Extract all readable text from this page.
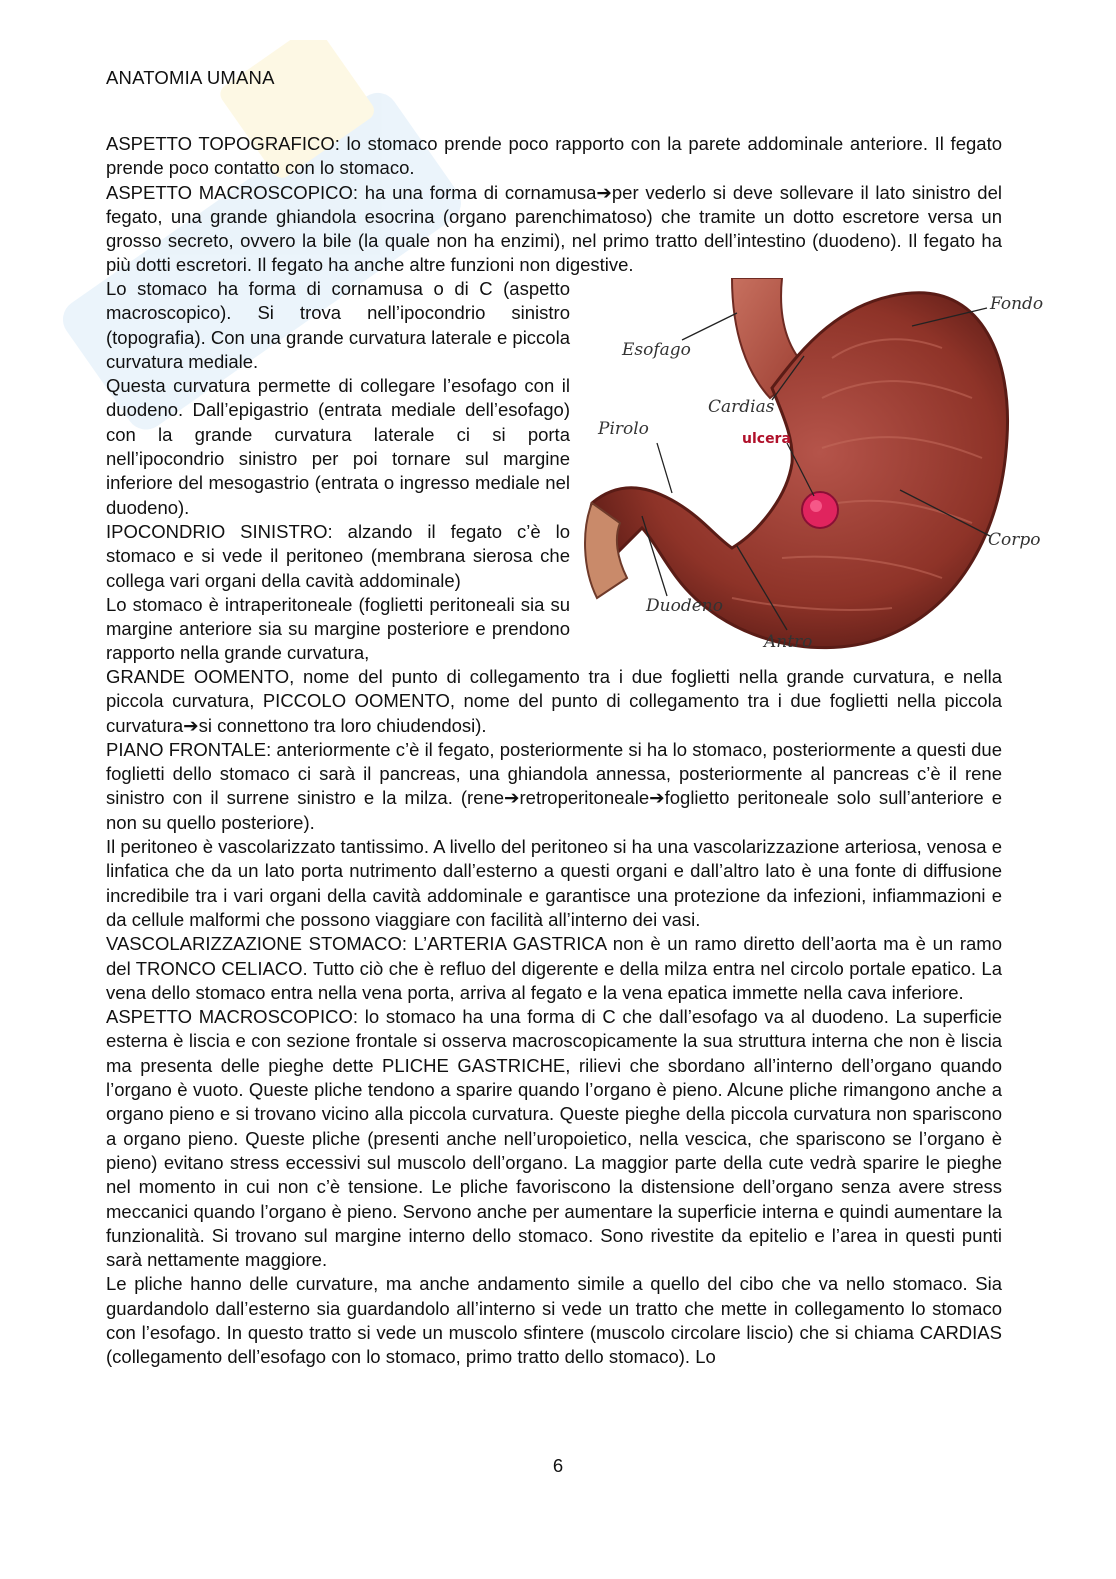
ANATOMIA UMANA

ASPETTO TOPOGRAFICO: lo stomaco prende poco rapporto con la parete addominale anteriore. Il fegato prende poco contatto con lo stomaco.

ASPETTO MACROSCOPICO: ha una forma di cornamusa➔per vederlo si deve sollevare il lato sinistro del fegato, una grande ghiandola esocrina (organo parenchimatoso) che tramite un dotto escretore versa un grosso secreto, ovvero la bile (la quale non ha enzimi), nel primo tratto dell’intestino (duodeno). Il fegato ha più dotti escretori. Il fegato ha anche altre funzioni non digestive.

Lo stomaco ha forma di cornamusa o di C (aspetto macroscopico). Si trova nell’ipocondrio sinistro (topografia). Con una grande curvatura laterale e piccola curvatura mediale.

Questa curvatura permette di collegare l’esofago con il duodeno. Dall’epigastrio (entrata mediale dell’esofago) con la grande curvatura laterale ci si porta nell’ipocondrio sinistro per poi tornare sul margine inferiore del mesogastrio (entrata o ingresso mediale nel duodeno).

IPOCONDRIO SINISTRO: alzando il fegato c’è lo stomaco e si vede il peritoneo (membrana sierosa che collega vari organi della cavità addominale)

Lo stomaco è intraperitoneale (foglietti peritoneali sia su margine anteriore sia su margine posteriore e prendono rapporto nella grande curvatura,

Fondo
Esofago
Cardias
Pirolo	ulcera
Corpo
Duodeno
Antro

GRANDE OOMENTO, nome del punto di collegamento tra i due foglietti nella grande curvatura, e nella piccola curvatura, PICCOLO OOMENTO, nome del punto di collegamento tra i due foglietti nella piccola curvatura➔si connettono tra loro chiudendosi).

PIANO FRONTALE: anteriormente c’è il fegato, posteriormente si ha lo stomaco, posteriormente a questi due foglietti dello stomaco ci sarà il pancreas, una ghiandola annessa, posteriormente al pancreas c’è il rene sinistro con il surrene sinistro e la milza. (rene➔retroperitoneale➔foglietto peritoneale solo sull’anteriore e non su quello posteriore).

Il peritoneo è vascolarizzato tantissimo. A livello del peritoneo si ha una vascolarizzazione arteriosa, venosa e linfatica che da un lato porta nutrimento dall’esterno a questi organi e dall’altro lato è una fonte di diffusione incredibile tra i vari organi della cavità addominale e garantisce una protezione da infezioni, infiammazioni e da cellule malformi che possono viaggiare con facilità all’interno dei vasi.

VASCOLARIZZAZIONE STOMACO: L’ARTERIA GASTRICA non è un ramo diretto dell’aorta ma è un ramo del TRONCO CELIACO. Tutto ciò che è refluo del digerente e della milza entra nel circolo portale epatico. La vena dello stomaco entra nella vena porta, arriva al fegato e la vena epatica immette nella cava inferiore.

ASPETTO MACROSCOPICO: lo stomaco ha una forma di C che dall’esofago va al duodeno. La superficie esterna è liscia e con sezione frontale si osserva macroscopicamente la sua struttura interna che non è liscia ma presenta delle pieghe dette PLICHE GASTRICHE, rilievi che sbordano all’interno dell’organo quando l’organo è vuoto. Queste pliche tendono a sparire quando l’organo è pieno. Alcune pliche rimangono anche a organo pieno e si trovano vicino alla piccola curvatura. Queste pieghe della piccola curvatura non spariscono a organo pieno. Queste pliche (presenti anche nell’uropoietico, nella vescica, che spariscono se l’organo è pieno) evitano stress eccessivi sul muscolo dell’organo. La maggior parte della cute vedrà sparire le pieghe nel momento in cui non c’è tensione. Le pliche favoriscono la distensione dell’organo senza avere stress meccanici quando l’organo è pieno. Servono anche per aumentare la superficie interna e quindi aumentare la funzionalità. Si trovano sul margine interno dello stomaco. Sono rivestite da epitelio e l’area in questi punti sarà nettamente maggiore.

Le pliche hanno delle curvature, ma anche andamento simile a quello del cibo che va nello stomaco. Sia guardandolo dall’esterno sia guardandolo all’interno si vede un tratto che mette in collegamento lo stomaco con l’esofago. In questo tratto si vede un muscolo sfintere (muscolo circolare liscio) che si chiama CARDIAS (collegamento dell’esofago con lo stomaco, primo tratto dello stomaco). Lo

6
